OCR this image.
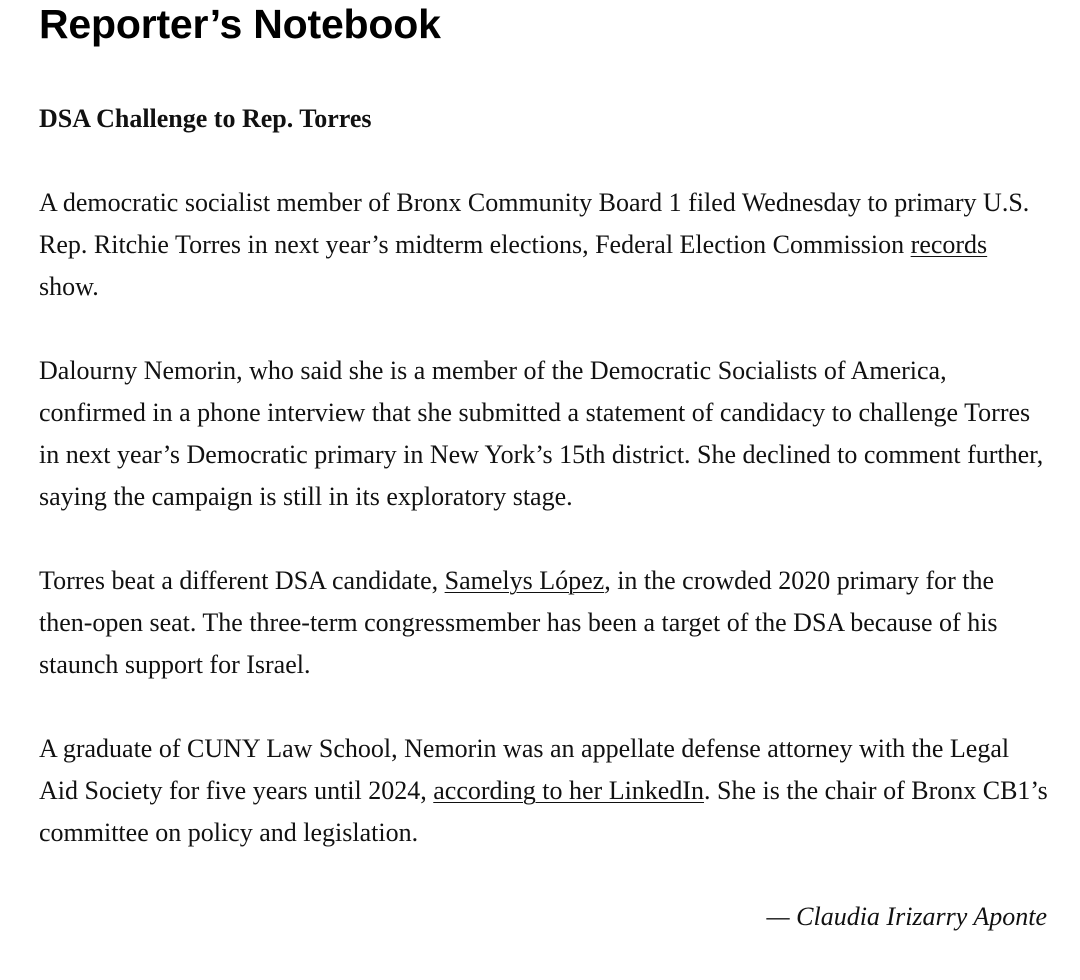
Reporter’s Notebook
DSA Challenge to Rep. Torres

A democratic socialist member of Bronx Community Board 1 filed Wednesday to primary U.S. Rep. Ritchie Torres in next year’s midterm elections, Federal Election Commission records show.

Dalourny Nemorin, who said she is a member of the Democratic Socialists of America, confirmed in a phone interview that she submitted a statement of candidacy to challenge Torres in next year’s Democratic primary in New York’s 15th district. She declined to comment further, saying the campaign is still in its exploratory stage.

Torres beat a different DSA candidate, Samelys López, in the crowded 2020 primary for the then-open seat. The three-term congressmember has been a target of the DSA because of his staunch support for Israel.

A graduate of CUNY Law School, Nemorin was an appellate defense attorney with the Legal Aid Society for five years until 2024, according to her LinkedIn. She is the chair of Bronx CB1’s committee on policy and legislation.

— Claudia Irizarry Aponte
